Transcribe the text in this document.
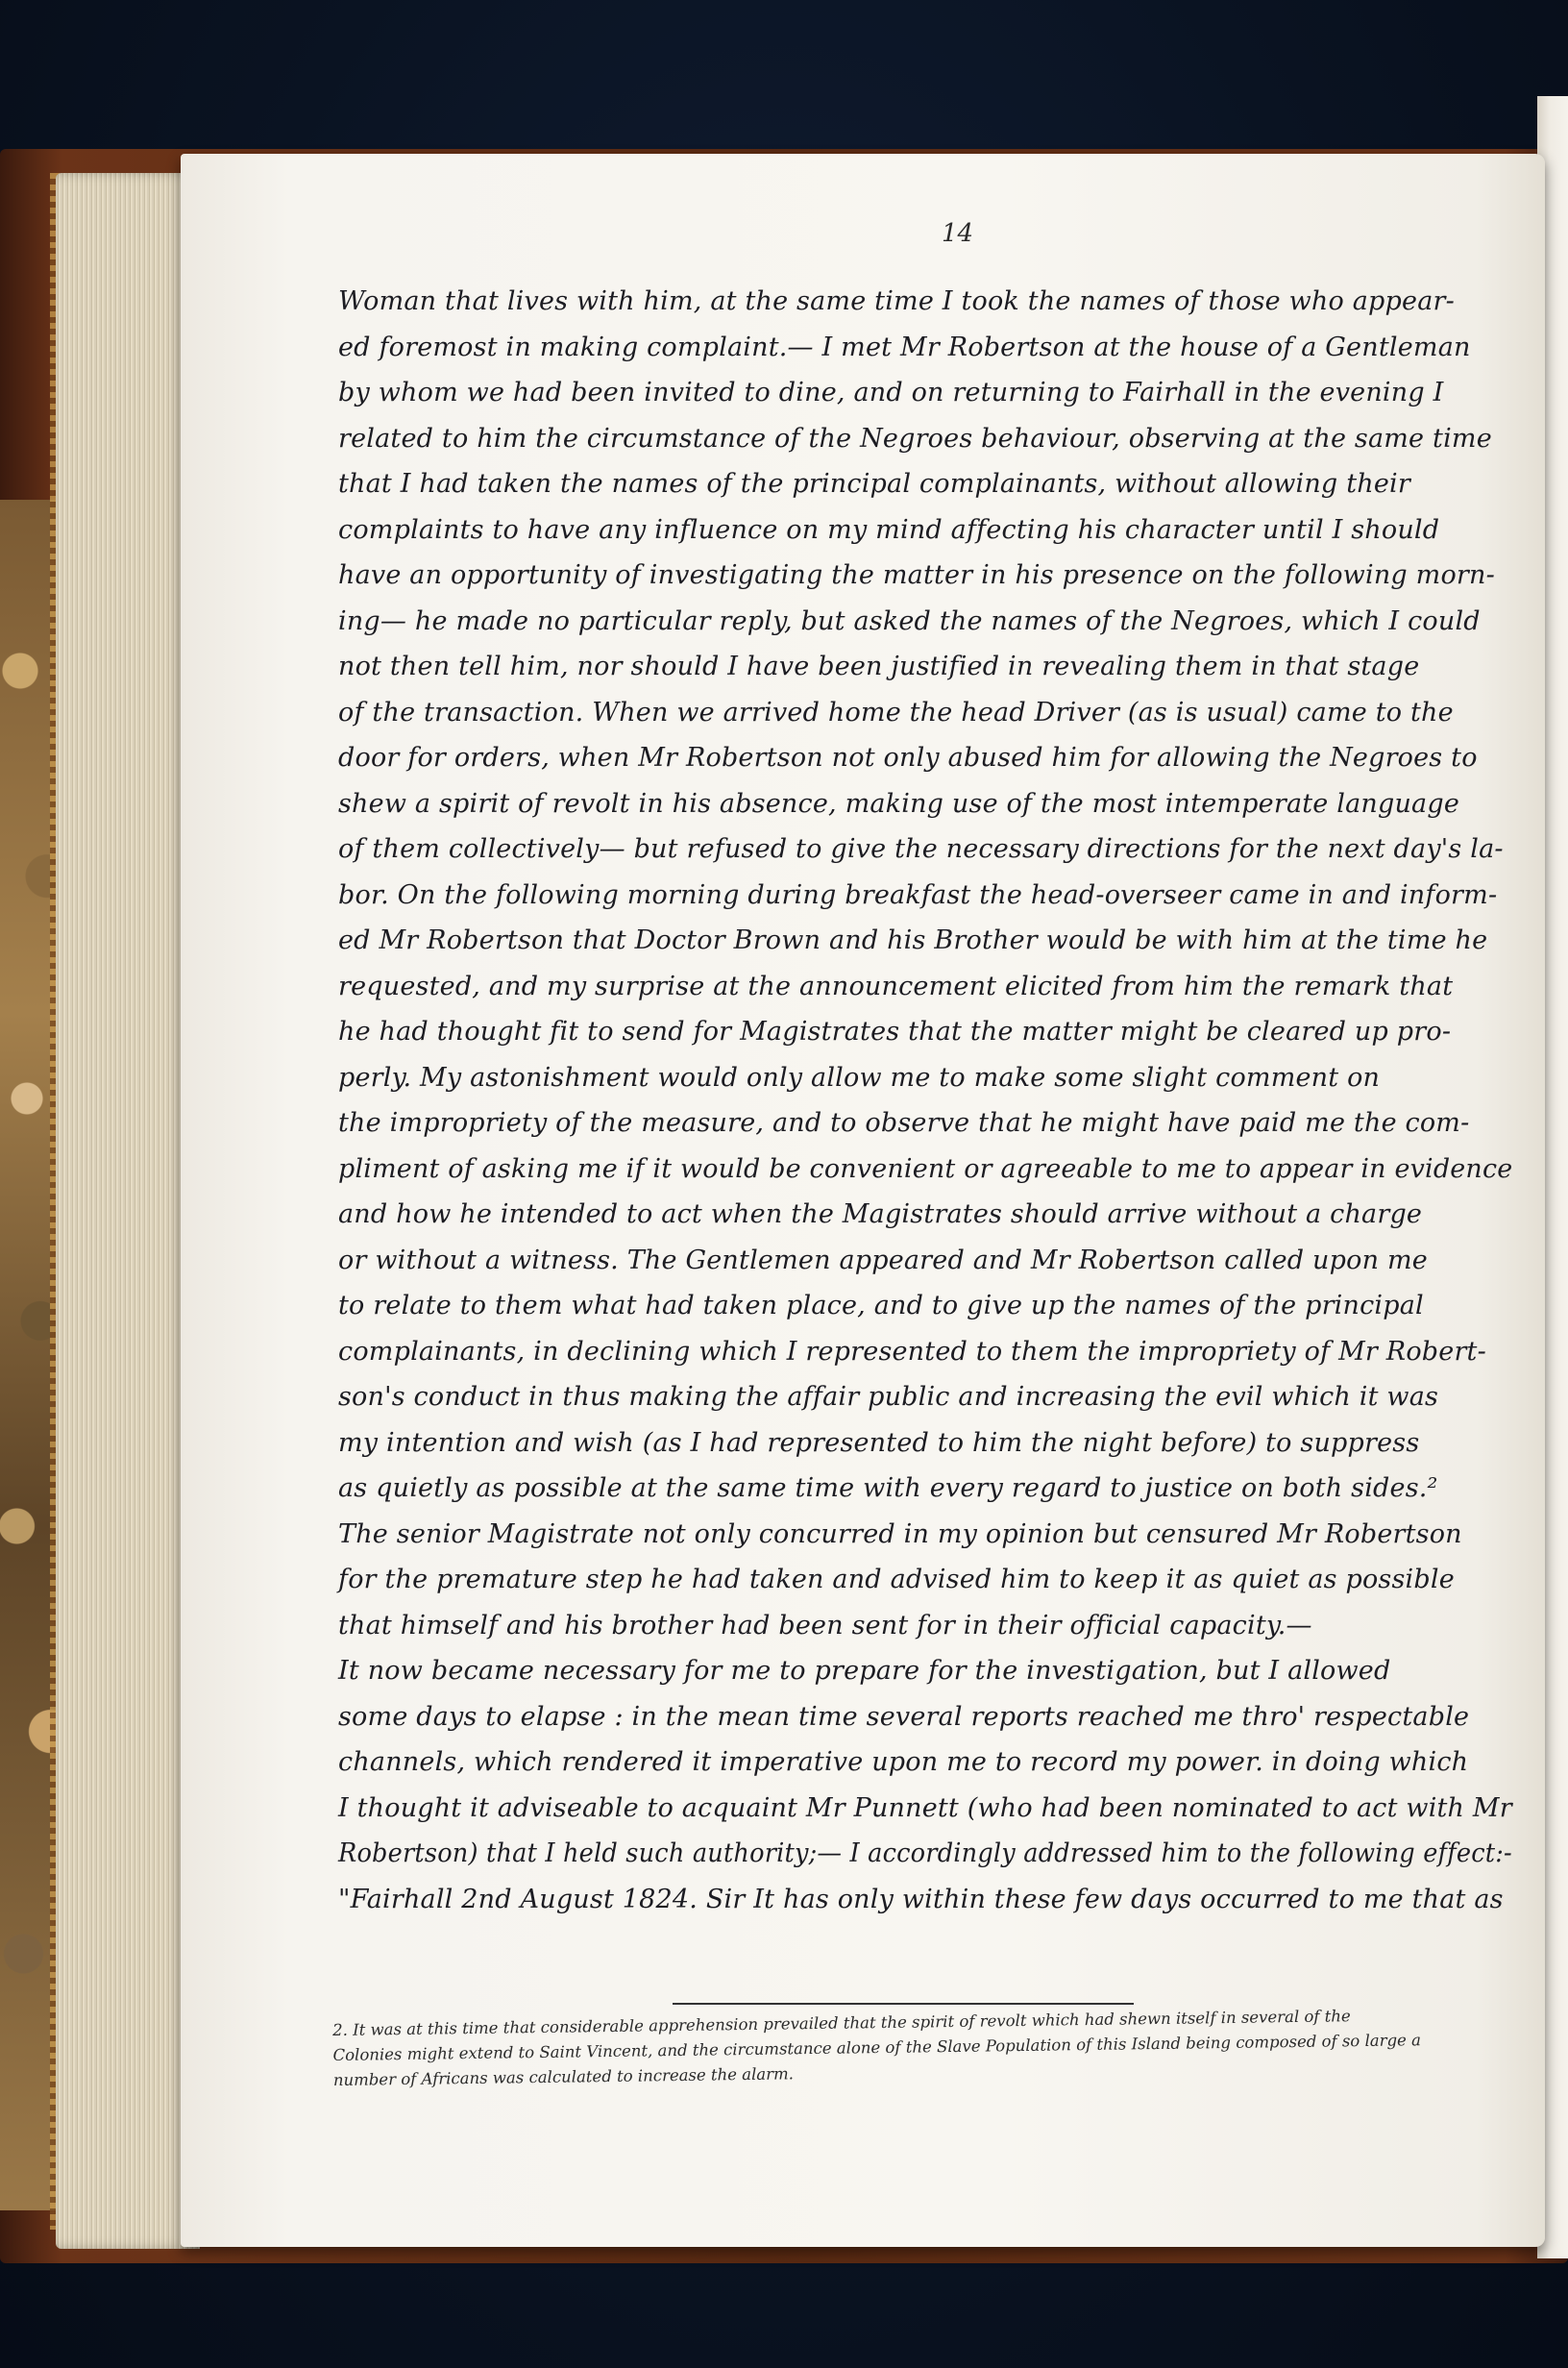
14
Woman that lives with him, at the same time I took the names of those who appear-
ed foremost in making complaint.— I met Mr Robertson at the house of a Gentleman
by whom we had been invited to dine, and on returning to Fairhall in the evening I
related to him the circumstance of the Negroes behaviour, observing at the same time
that I had taken the names of the principal complainants, without allowing their
complaints to have any influence on my mind affecting his character until I should
have an opportunity of investigating the matter in his presence on the following morn-
ing— he made no particular reply, but asked the names of the Negroes, which I could
not then tell him, nor should I have been justified in revealing them in that stage
of the transaction. When we arrived home the head Driver (as is usual) came to the
door for orders, when Mr Robertson not only abused him for allowing the Negroes to
shew a spirit of revolt in his absence, making use of the most intemperate language
of them collectively— but refused to give the necessary directions for the next day's la-
bor. On the following morning during breakfast the head-overseer came in and inform-
ed Mr Robertson that Doctor Brown and his Brother would be with him at the time he
requested, and my surprise at the announcement elicited from him the remark that
he had thought fit to send for Magistrates that the matter might be cleared up pro-
perly. My astonishment would only allow me to make some slight comment on
the impropriety of the measure, and to observe that he might have paid me the com-
pliment of asking me if it would be convenient or agreeable to me to appear in evidence
and how he intended to act when the Magistrates should arrive without a charge
or without a witness. The Gentlemen appeared and Mr Robertson called upon me
to relate to them what had taken place, and to give up the names of the principal
complainants, in declining which I represented to them the impropriety of Mr Robert-
son's conduct in thus making the affair public and increasing the evil which it was
my intention and wish (as I had represented to him the night before) to suppress
as quietly as possible at the same time with every regard to justice on both sides.²
The senior Magistrate not only concurred in my opinion but censured Mr Robertson
for the premature step he had taken and advised him to keep it as quiet as possible
that himself and his brother had been sent for in their official capacity.—
It now became necessary for me to prepare for the investigation, but I allowed
some days to elapse : in the mean time several reports reached me thro' respectable
channels, which rendered it imperative upon me to record my power. in doing which
I thought it adviseable to acquaint Mr Punnett (who had been nominated to act with Mr
Robertson) that I held such authority;— I accordingly addressed him to the following effect:-
"Fairhall 2nd August 1824. Sir It has only within these few days occurred to me that as
2. It was at this time that considerable apprehension prevailed that the spirit of revolt which had shewn itself in several of the
Colonies might extend to Saint Vincent, and the circumstance alone of the Slave Population of this Island being composed of so large a
number of Africans was calculated to increase the alarm.
